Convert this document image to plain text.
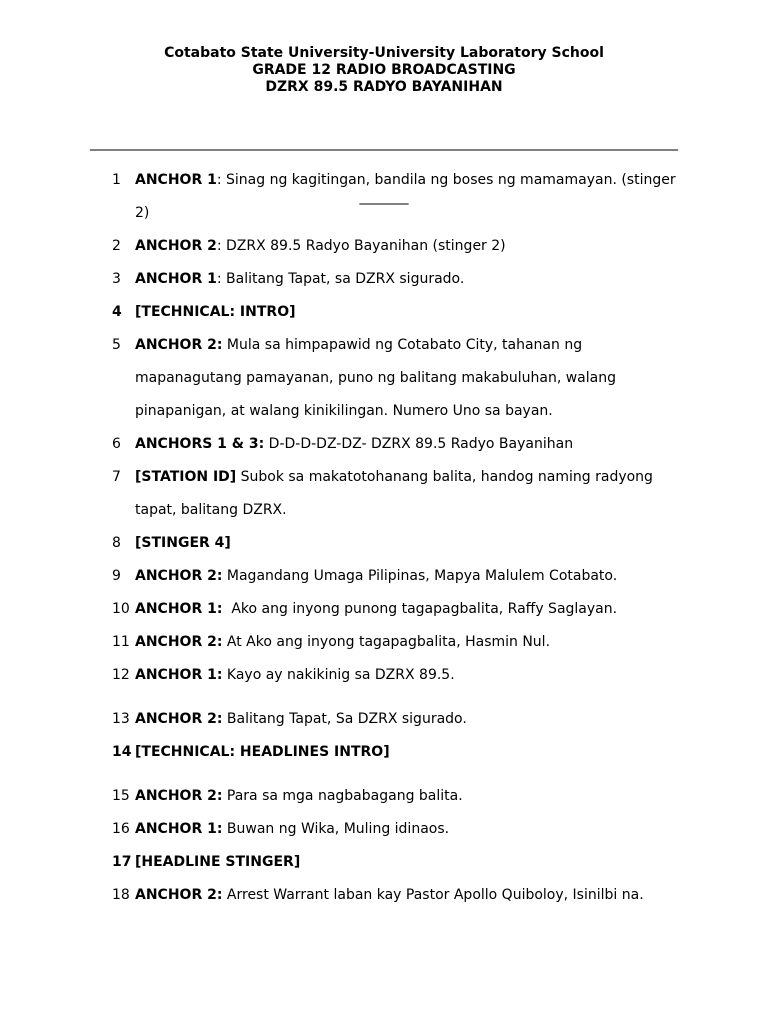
Cotabato State University-University Laboratory School
GRADE 12 RADIO BROADCASTING
DZRX 89.5 RADYO BAYANIHAN

____________________________________________________________________________________

_______

1 ANCHOR 1: Sinag ng kagitingan, bandila ng boses ng mamamayan. (stinger
2)
2 ANCHOR 2: DZRX 89.5 Radyo Bayanihan (stinger 2)
3 ANCHOR 1: Balitang Tapat, sa DZRX sigurado.
4 [TECHNICAL: INTRO]
5 ANCHOR 2: Mula sa himpapawid ng Cotabato City, tahanan ng
mapanagutang pamayanan, puno ng balitang makabuluhan, walang
pinapanigan, at walang kinikilingan. Numero Uno sa bayan.
6 ANCHORS 1 & 3: D-D-D-DZ-DZ- DZRX 89.5 Radyo Bayanihan
7 [STATION ID] Subok sa makatotohanang balita, handog naming radyong
tapat, balitang DZRX.
8 [STINGER 4]
9 ANCHOR 2: Magandang Umaga Pilipinas, Mapya Malulem Cotabato.
10 ANCHOR 1:  Ako ang inyong punong tagapagbalita, Raffy Saglayan.
11 ANCHOR 2: At Ako ang inyong tagapagbalita, Hasmin Nul.
12 ANCHOR 1: Kayo ay nakikinig sa DZRX 89.5.
13 ANCHOR 2: Balitang Tapat, Sa DZRX sigurado.
14 [TECHNICAL: HEADLINES INTRO]
15 ANCHOR 2: Para sa mga nagbabagang balita.
16 ANCHOR 1: Buwan ng Wika, Muling idinaos.
17 [HEADLINE STINGER]
18 ANCHOR 2: Arrest Warrant laban kay Pastor Apollo Quiboloy, Isinilbi na.
